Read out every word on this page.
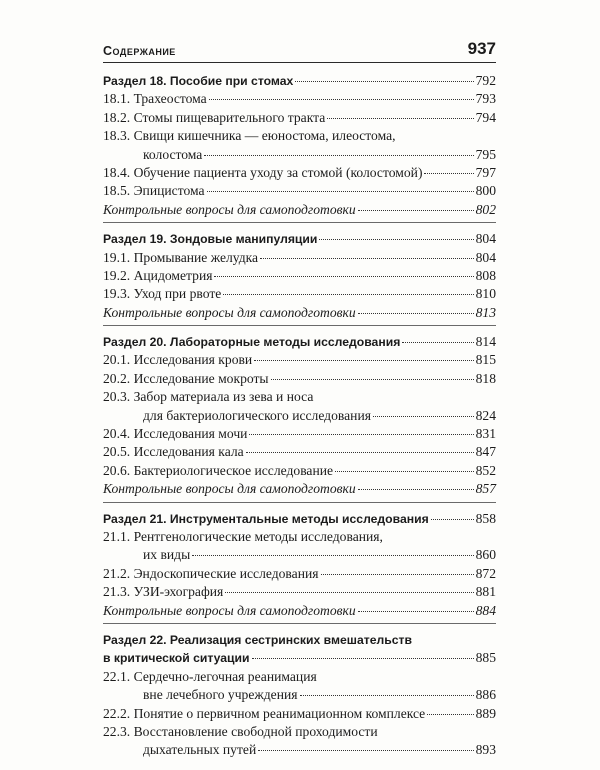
Содержание	937
Раздел 18. Пособие при стомах	792
18.1. Трахеостома	793
18.2. Стомы пищеварительного тракта	794
18.3. Свищи кишечника — еюностома, илеостома,
колостома	795
18.4. Обучение пациента уходу за стомой (колостомой)	797
18.5. Эпицистома	800
Контрольные вопросы для самоподготовки	802
Раздел 19. Зондовые манипуляции	804
19.1. Промывание желудка	804
19.2. Ацидометрия	808
19.3. Уход при рвоте	810
Контрольные вопросы для самоподготовки	813
Раздел 20. Лабораторные методы исследования	814
20.1. Исследования крови	815
20.2. Исследование мокроты	818
20.3. Забор материала из зева и носа
для бактериологического исследования	824
20.4. Исследования мочи	831
20.5. Исследования кала	847
20.6. Бактериологическое исследование	852
Контрольные вопросы для самоподготовки	857
Раздел 21. Инструментальные методы исследования	858
21.1. Рентгенологические методы исследования,
их виды	860
21.2. Эндоскопические исследования	872
21.3. УЗИ-эхография	881
Контрольные вопросы для самоподготовки	884
Раздел 22. Реализация сестринских вмешательств
в критической ситуации	885
22.1. Сердечно-легочная реанимация
вне лечебного учреждения	886
22.2. Понятие о первичном реанимационном комплексе	889
22.3. Восстановление свободной проходимости
дыхательных путей	893
